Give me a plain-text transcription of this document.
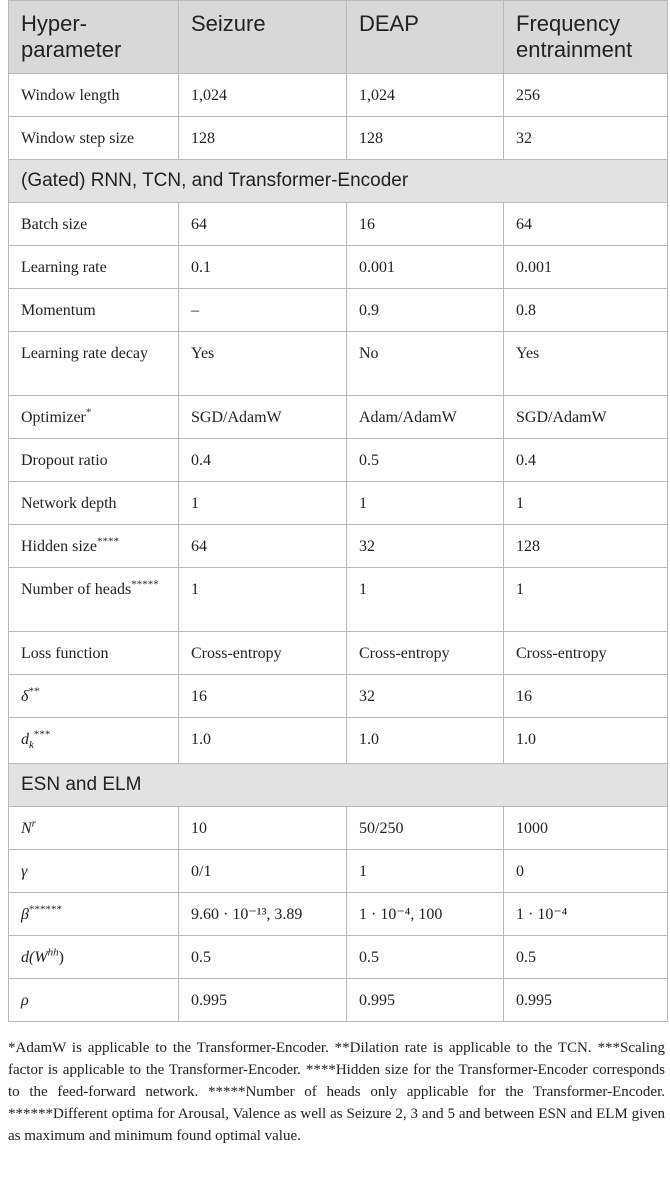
Hyper-parameter	Seizure	DEAP	Frequency entrainment
Window length	1,024	1,024	256
Window step size	128	128	32
(Gated) RNN, TCN, and Transformer-Encoder			
Batch size	64	16	64
Learning rate	0.1	0.001	0.001
Momentum	–	0.9	0.8
Learning rate decay	Yes	No	Yes
Optimizer*	SGD/AdamW	Adam/AdamW	SGD/AdamW
Dropout ratio	0.4	0.5	0.4
Network depth	1	1	1
Hidden size****	64	32	128
Number of heads*****	1	1	1
Loss function	Cross-entropy	Cross-entropy	Cross-entropy
δ**	16	32	16
$d_k^{***}$	1.0	1.0	1.0
ESN and ELM			
$N^r$	10	50/250	1000
γ	0/1	1	0
β******	9.60 · 10⁻¹³, 3.89	1 · 10⁻⁴, 100	1 · 10⁻⁴
$d(W^{hh})$	0.5	0.5	0.5
ρ	0.995	0.995	0.995
*AdamW is applicable to the Transformer-Encoder. **Dilation rate is applicable to the TCN. ***Scaling factor is applicable to the Transformer-Encoder. ****Hidden size for the Transformer-Encoder corresponds to the feed-forward network. *****Number of heads only applicable for the Transformer-Encoder. ******Different optima for Arousal, Valence as well as Seizure 2, 3 and 5 and between ESN and ELM given as maximum and minimum found optimal value.
